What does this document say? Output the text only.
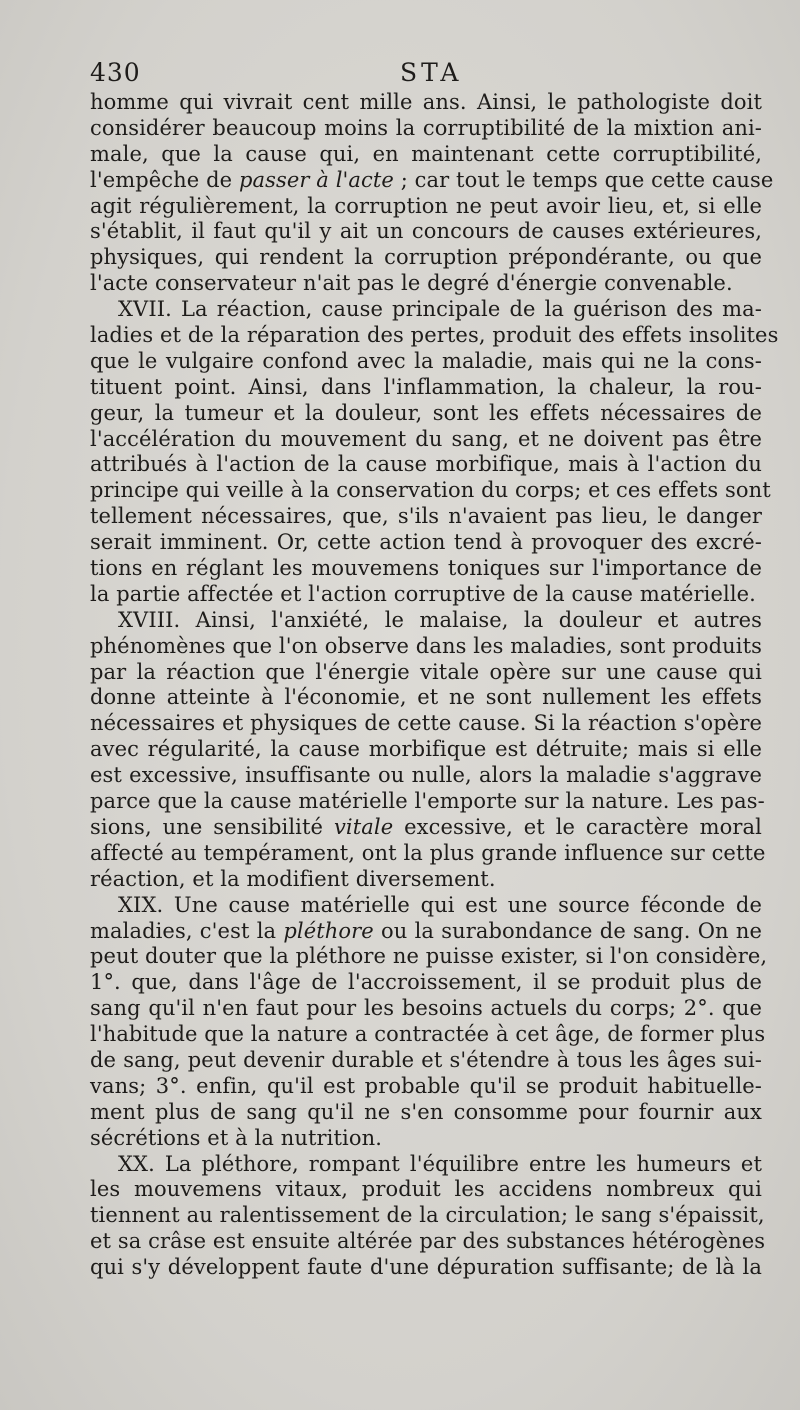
430	STA
homme qui vivrait cent mille ans. Ainsi, le pathologiste doit
considérer beaucoup moins la corruptibilité de la mixtion ani-
male, que la cause qui, en maintenant cette corruptibilité,
l'empêche de passer à l'acte ; car tout le temps que cette cause
agit régulièrement, la corruption ne peut avoir lieu, et, si elle
s'établit, il faut qu'il y ait un concours de causes extérieures,
physiques, qui rendent la corruption prépondérante, ou que
l'acte conservateur n'ait pas le degré d'énergie convenable.
XVII. La réaction, cause principale de la guérison des ma-
ladies et de la réparation des pertes, produit des effets insolites
que le vulgaire confond avec la maladie, mais qui ne la cons-
tituent point. Ainsi, dans l'inflammation, la chaleur, la rou-
geur, la tumeur et la douleur, sont les effets nécessaires de
l'accélération du mouvement du sang, et ne doivent pas être
attribués à l'action de la cause morbifique, mais à l'action du
principe qui veille à la conservation du corps; et ces effets sont
tellement nécessaires, que, s'ils n'avaient pas lieu, le danger
serait imminent. Or, cette action tend à provoquer des excré-
tions en réglant les mouvemens toniques sur l'importance de
la partie affectée et l'action corruptive de la cause matérielle.
XVIII. Ainsi, l'anxiété, le malaise, la douleur et autres
phénomènes que l'on observe dans les maladies, sont produits
par la réaction que l'énergie vitale opère sur une cause qui
donne atteinte à l'économie, et ne sont nullement les effets
nécessaires et physiques de cette cause. Si la réaction s'opère
avec régularité, la cause morbifique est détruite; mais si elle
est excessive, insuffisante ou nulle, alors la maladie s'aggrave
parce que la cause matérielle l'emporte sur la nature. Les pas-
sions, une sensibilité vitale excessive, et le caractère moral
affecté au tempérament, ont la plus grande influence sur cette
réaction, et la modifient diversement.
XIX. Une cause matérielle qui est une source féconde de
maladies, c'est la pléthore ou la surabondance de sang. On ne
peut douter que la pléthore ne puisse exister, si l'on considère,
1°. que, dans l'âge de l'accroissement, il se produit plus de
sang qu'il n'en faut pour les besoins actuels du corps; 2°. que
l'habitude que la nature a contractée à cet âge, de former plus
de sang, peut devenir durable et s'étendre à tous les âges sui-
vans; 3°. enfin, qu'il est probable qu'il se produit habituelle-
ment plus de sang qu'il ne s'en consomme pour fournir aux
sécrétions et à la nutrition.
XX. La pléthore, rompant l'équilibre entre les humeurs et
les mouvemens vitaux, produit les accidens nombreux qui
tiennent au ralentissement de la circulation; le sang s'épaissit,
et sa crâse est ensuite altérée par des substances hétérogènes
qui s'y développent faute d'une dépuration suffisante; de là la
